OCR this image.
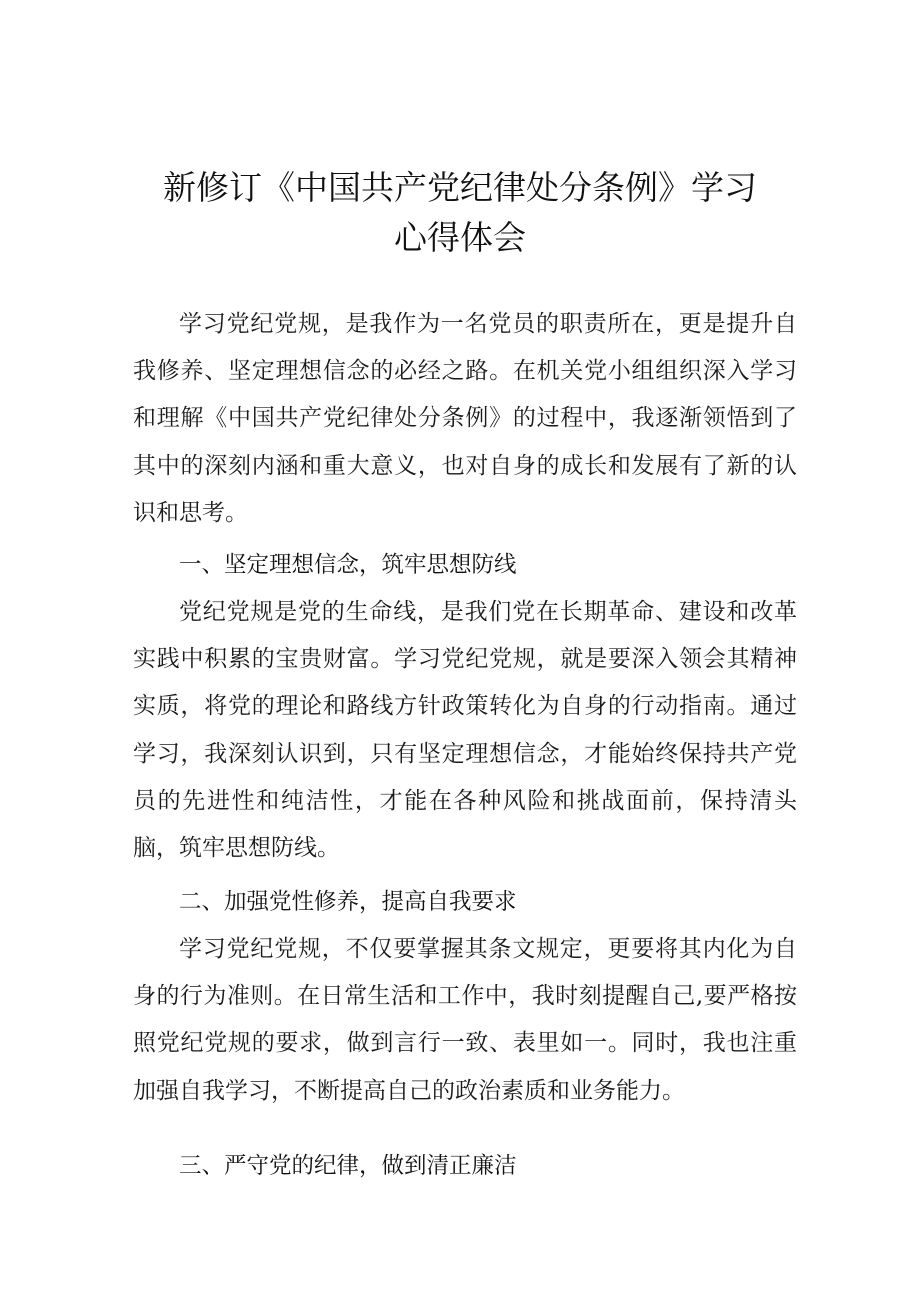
新修订《中国共产党纪律处分条例》学习
心得体会

学习党纪党规，是我作为一名党员的职责所在，更是提升自我修养、坚定理想信念的必经之路。在机关党小组组织深入学习和理解《中国共产党纪律处分条例》的过程中，我逐渐领悟到了其中的深刻内涵和重大意义，也对自身的成长和发展有了新的认识和思考。

一、坚定理想信念，筑牢思想防线

党纪党规是党的生命线，是我们党在长期革命、建设和改革实践中积累的宝贵财富。学习党纪党规，就是要深入领会其精神实质，将党的理论和路线方针政策转化为自身的行动指南。通过学习，我深刻认识到，只有坚定理想信念，才能始终保持共产党员的先进性和纯洁性，才能在各种风险和挑战面前，保持清头脑，筑牢思想防线。

二、加强党性修养，提高自我要求

学习党纪党规，不仅要掌握其条文规定，更要将其内化为自身的行为准则。在日常生活和工作中，我时刻提醒自己,要严格按照党纪党规的要求，做到言行一致、表里如一。同时，我也注重加强自我学习，不断提高自己的政治素质和业务能力。

三、严守党的纪律，做到清正廉洁
